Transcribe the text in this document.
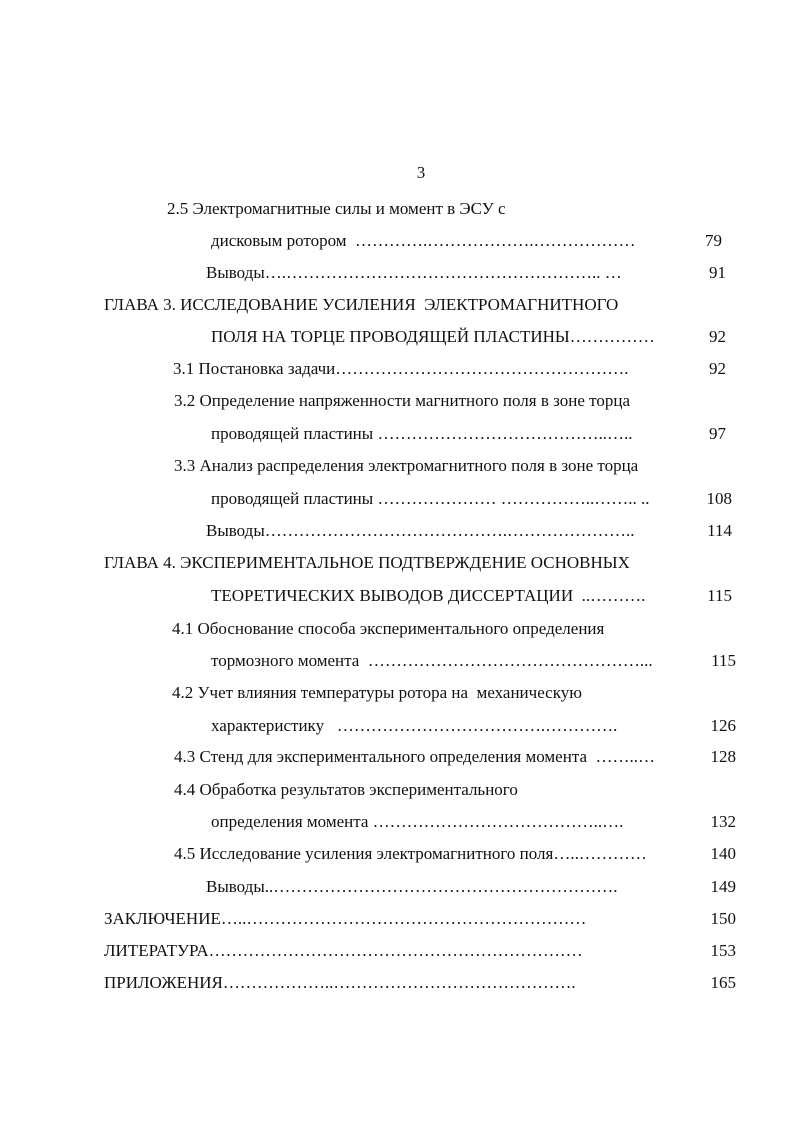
3
2.5 Электромагнитные силы и момент в ЭСУ с
дисковым ротором  ………….……………….………………	79
Выводы….……………………………………………….. …	91
ГЛАВА 3. ИССЛЕДОВАНИЕ УСИЛЕНИЯ  ЭЛЕКТРОМАГНИТНОГО
ПОЛЯ НА ТОРЦЕ ПРОВОДЯЩЕЙ ПЛАСТИНЫ……………	92
3.1 Постановка задачи…………………………………………….	92
3.2 Определение напряженности магнитного поля в зоне торца
проводящей пластины …………………………………..…..	97
3.3 Анализ распределения электромагнитного поля в зоне торца
проводящей пластины ………………… ……………..…….. ..	108
Выводы…………………………………….…………………..	114
ГЛАВА 4. ЭКСПЕРИМЕНТАЛЬНОЕ ПОДТВЕРЖДЕНИЕ ОСНОВНЫХ
ТЕОРЕТИЧЕСКИХ ВЫВОДОВ ДИССЕРТАЦИИ  ..……….	115
4.1 Обоснование способа экспериментального определения
тормозного момента  …………………………………………...	115
4.2 Учет влияния температуры ротора на  механическую
характеристику   ……………………………….………….	126
4.3 Стенд для экспериментального определения момента  ……..…	128
4.4 Обработка результатов экспериментального
определения момента …………………………………..….	132
4.5 Исследование усиления электромагнитного поля…..…………	140
Выводы..…………………………………………………….	149
ЗАКЛЮЧЕНИЕ…..……………………………………………………	150
ЛИТЕРАТУРА…………………………………………………………	153
ПРИЛОЖЕНИЯ………………..…………………………………….	165
